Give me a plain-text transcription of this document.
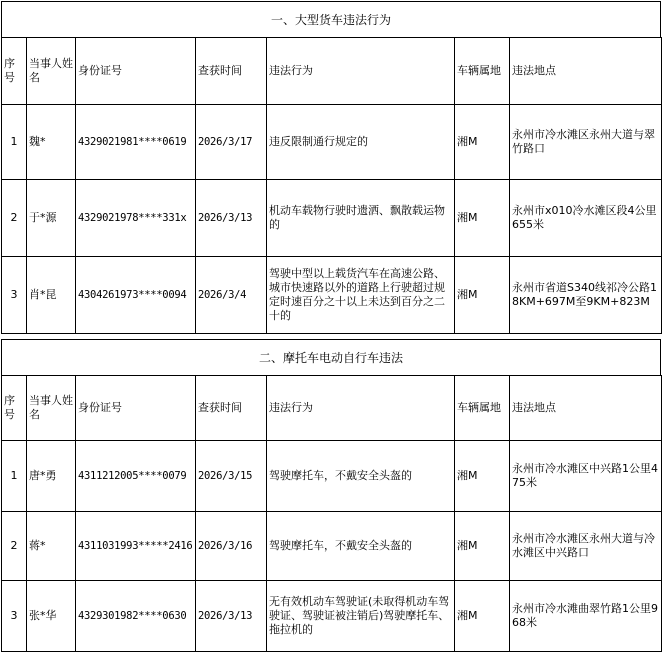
一、大型货车违法行为
序号	当事人姓名	身份证号	查获时间	违法行为	车辆属地	违法地点
1	魏*	4329021981****0619	2026/3/17	违反限制通行规定的	湘M	永州市冷水滩区永州大道与翠竹路口
2	于*源	4329021978****331x	2026/3/13	机动车载物行驶时遗洒、飘散载运物的	湘M	永州市x010冷水滩区段4公里655米
3	肖*昆	4304261973****0094	2026/3/4	驾驶中型以上载货汽车在高速公路、城市快速路以外的道路上行驶超过规定时速百分之十以上未达到百分之二十的	湘M	永州市省道S340线祁冷公路18KM+697M至9KM+823M
二、摩托车电动自行车违法
序号	当事人姓名	身份证号	查获时间	违法行为	车辆属地	违法地点
1	唐*勇	4311212005****0079	2026/3/15	驾驶摩托车，不戴安全头盔的	湘M	永州市冷水滩区中兴路1公里475米
2	蒋*	4311031993*****2416	2026/3/16	驾驶摩托车，不戴安全头盔的	湘M	永州市冷水滩区永州大道与冷水滩区中兴路口
3	张*华	4329301982****0630	2026/3/13	无有效机动车驾驶证(未取得机动车驾驶证、驾驶证被注销后)驾驶摩托车、拖拉机的	湘M	永州市冷水滩曲翠竹路1公里968米
